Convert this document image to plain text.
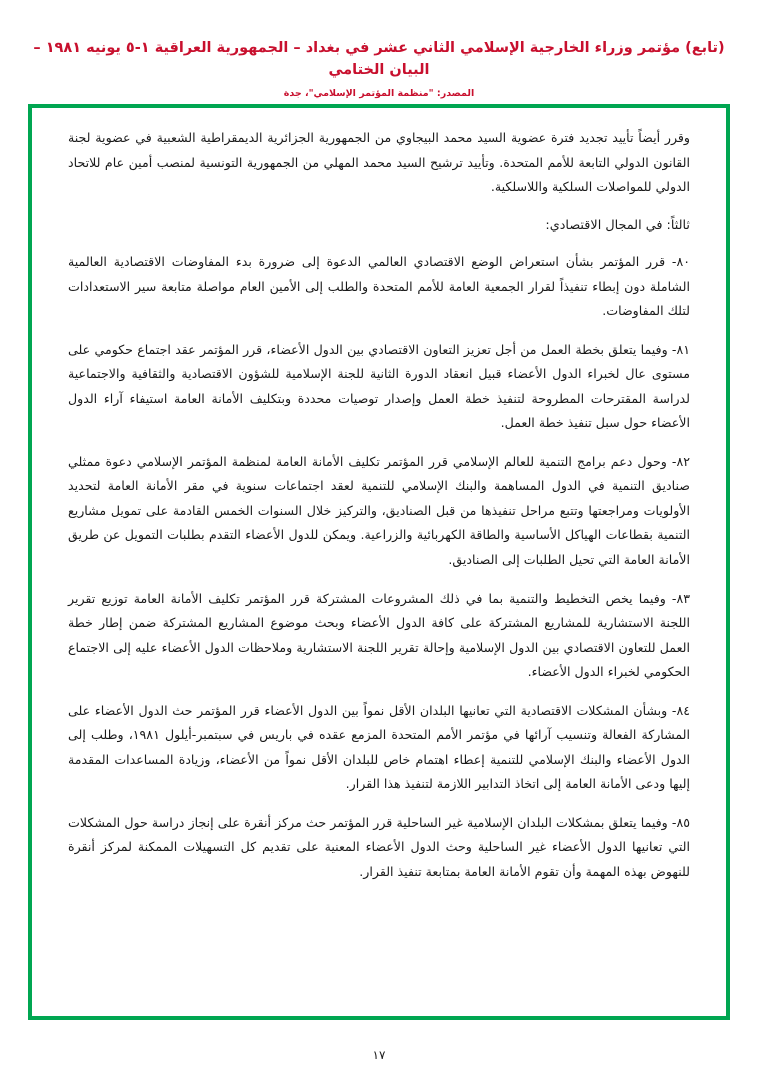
(تابع) مؤتمر وزراء الخارجية الإسلامي الثاني عشر في بغداد – الجمهورية العراقية ١-٥ يونيه ١٩٨١ – البيان الختامي
المصدر: "منظمة المؤتمر الإسلامي"، جدة

وقرر أيضاً تأييد تجديد فترة عضوية السيد محمد البيجاوي من الجمهورية الجزائرية الديمقراطية الشعبية في عضوية لجنة القانون الدولي التابعة للأمم المتحدة. وتأييد ترشيح السيد محمد المهلي من الجمهورية التونسية لمنصب أمين عام للاتحاد الدولي للمواصلات السلكية واللاسلكية.

ثالثاً: في المجال الاقتصادي:

٨٠- قرر المؤتمر بشأن استعراض الوضع الاقتصادي العالمي الدعوة إلى ضرورة بدء المفاوضات الاقتصادية العالمية الشاملة دون إبطاء تنفيذاً لقرار الجمعية العامة للأمم المتحدة والطلب إلى الأمين العام مواصلة متابعة سير الاستعدادات لتلك المفاوضات.

٨١- وفيما يتعلق بخطة العمل من أجل تعزيز التعاون الاقتصادي بين الدول الأعضاء، قرر المؤتمر عقد اجتماع حكومي على مستوى عال لخبراء الدول الأعضاء قبيل انعقاد الدورة الثانية للجنة الإسلامية للشؤون الاقتصادية والثقافية والاجتماعية لدراسة المقترحات المطروحة لتنفيذ خطة العمل وإصدار توصيات محددة وبتكليف الأمانة العامة استيفاء آراء الدول الأعضاء حول سبل تنفيذ خطة العمل.

٨٢- وحول دعم برامج التنمية للعالم الإسلامي قرر المؤتمر تكليف الأمانة العامة لمنظمة المؤتمر الإسلامي دعوة ممثلي صناديق التنمية في الدول المساهمة والبنك الإسلامي للتنمية لعقد اجتماعات سنوية في مقر الأمانة العامة لتحديد الأولويات ومراجعتها وتتبع مراحل تنفيذها من قبل الصناديق، والتركيز خلال السنوات الخمس القادمة على تمويل مشاريع التنمية بقطاعات الهياكل الأساسية والطاقة الكهربائية والزراعية. ويمكن للدول الأعضاء التقدم بطلبات التمويل عن طريق الأمانة العامة التي تحيل الطلبات إلى الصناديق.

٨٣- وفيما يخص التخطيط والتنمية بما في ذلك المشروعات المشتركة قرر المؤتمر تكليف الأمانة العامة توزيع تقرير اللجنة الاستشارية للمشاريع المشتركة على كافة الدول الأعضاء وبحث موضوع المشاريع المشتركة ضمن إطار خطة العمل للتعاون الاقتصادي بين الدول الإسلامية وإحالة تقرير اللجنة الاستشارية وملاحظات الدول الأعضاء عليه إلى الاجتماع الحكومي لخبراء الدول الأعضاء.

٨٤- وبشأن المشكلات الاقتصادية التي تعانيها البلدان الأقل نمواً بين الدول الأعضاء قرر المؤتمر حث الدول الأعضاء على المشاركة الفعالة وتنسيب آرائها في مؤتمر الأمم المتحدة المزمع عقده في باريس في سبتمبر-أيلول ١٩٨١، وطلب إلى الدول الأعضاء والبنك الإسلامي للتنمية إعطاء اهتمام خاص للبلدان الأقل نمواً من الأعضاء، وزيادة المساعدات المقدمة إليها ودعى الأمانة العامة إلى اتخاذ التدابير اللازمة لتنفيذ هذا القرار.

٨٥- وفيما يتعلق بمشكلات البلدان الإسلامية غير الساحلية قرر المؤتمر حث مركز أنقرة على إنجاز دراسة حول المشكلات التي تعانيها الدول الأعضاء غير الساحلية وحث الدول الأعضاء المعنية على تقديم كل التسهيلات الممكنة لمركز أنقرة للنهوض بهذه المهمة وأن تقوم الأمانة العامة بمتابعة تنفيذ القرار.

١٧
